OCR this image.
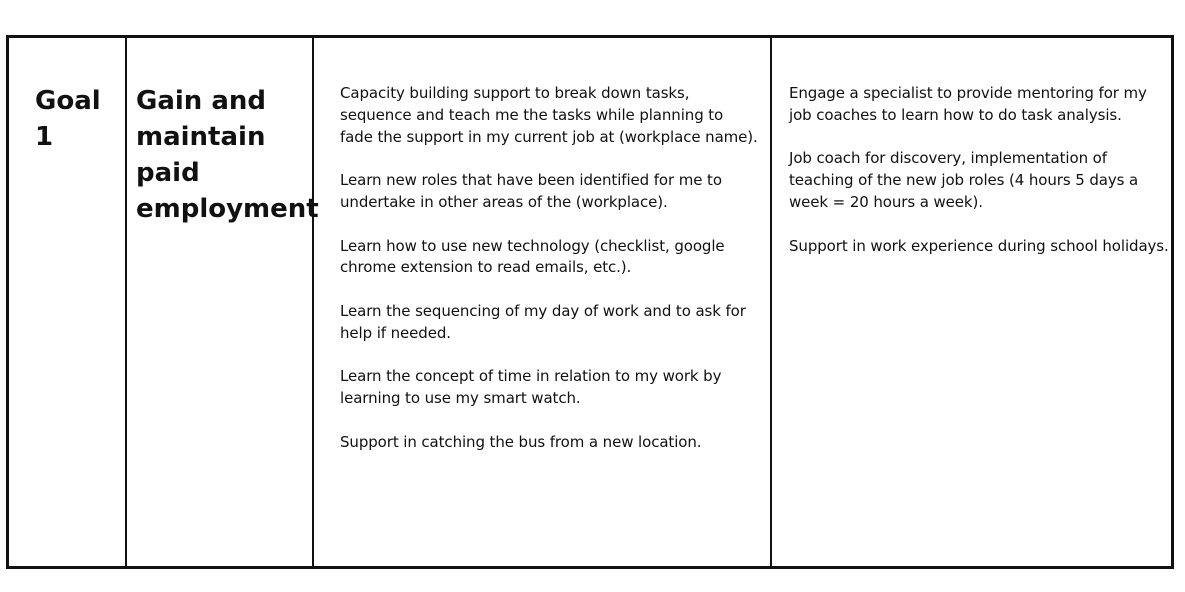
Goal 1

Gain and maintain paid employment

Capacity building support to break down tasks, sequence and teach me the tasks while planning to fade the support in my current job at (workplace name).

Learn new roles that have been identified for me to undertake in other areas of the (workplace).

Learn how to use new technology (checklist, google chrome extension to read emails, etc.).

Learn the sequencing of my day of work and to ask for help if needed.

Learn the concept of time in relation to my work by learning to use my smart watch.

Support in catching the bus from a new location.

Engage a specialist to provide mentoring for my job coaches to learn how to do task analysis.

Job coach for discovery, implementation of teaching of the new job roles (4 hours 5 days a week = 20 hours a week).

Support in work experience during school holidays.
